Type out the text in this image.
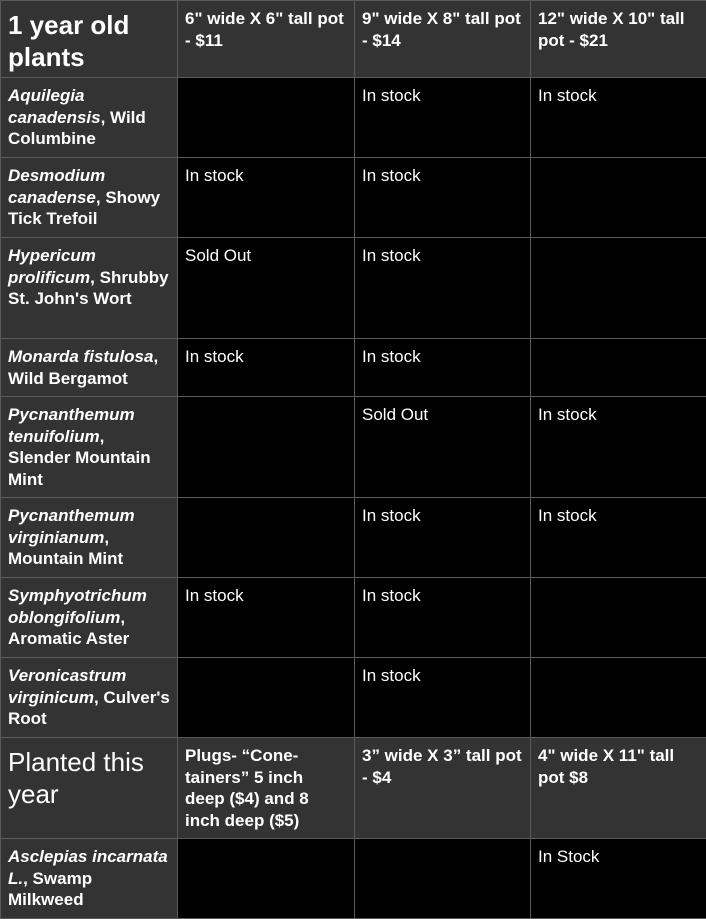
1 year old plants	6" wide X 6" tall pot - $11	9" wide X 8" tall pot - $14	12" wide X 10" tall pot - $21
Aquilegia canadensis, Wild Columbine		In stock	In stock
Desmodium canadense, Showy Tick Trefoil	In stock	In stock	
Hypericum prolificum, Shrubby St. John's Wort	Sold Out	In stock	
Monarda fistulosa, Wild Bergamot	In stock	In stock	
Pycnanthemum tenuifolium, Slender Mountain Mint		Sold Out	In stock
Pycnanthemum virginianum, Mountain Mint		In stock	In stock
Symphyotrichum oblongifolium, Aromatic Aster	In stock	In stock	
Veronicastrum virginicum, Culver's Root		In stock	
Planted this year	Plugs- “Cone-tainers” 5 inch deep ($4) and 8 inch deep ($5)	3” wide X 3” tall pot - $4	4" wide X 11" tall pot $8
Asclepias incarnata L., Swamp Milkweed			In Stock
